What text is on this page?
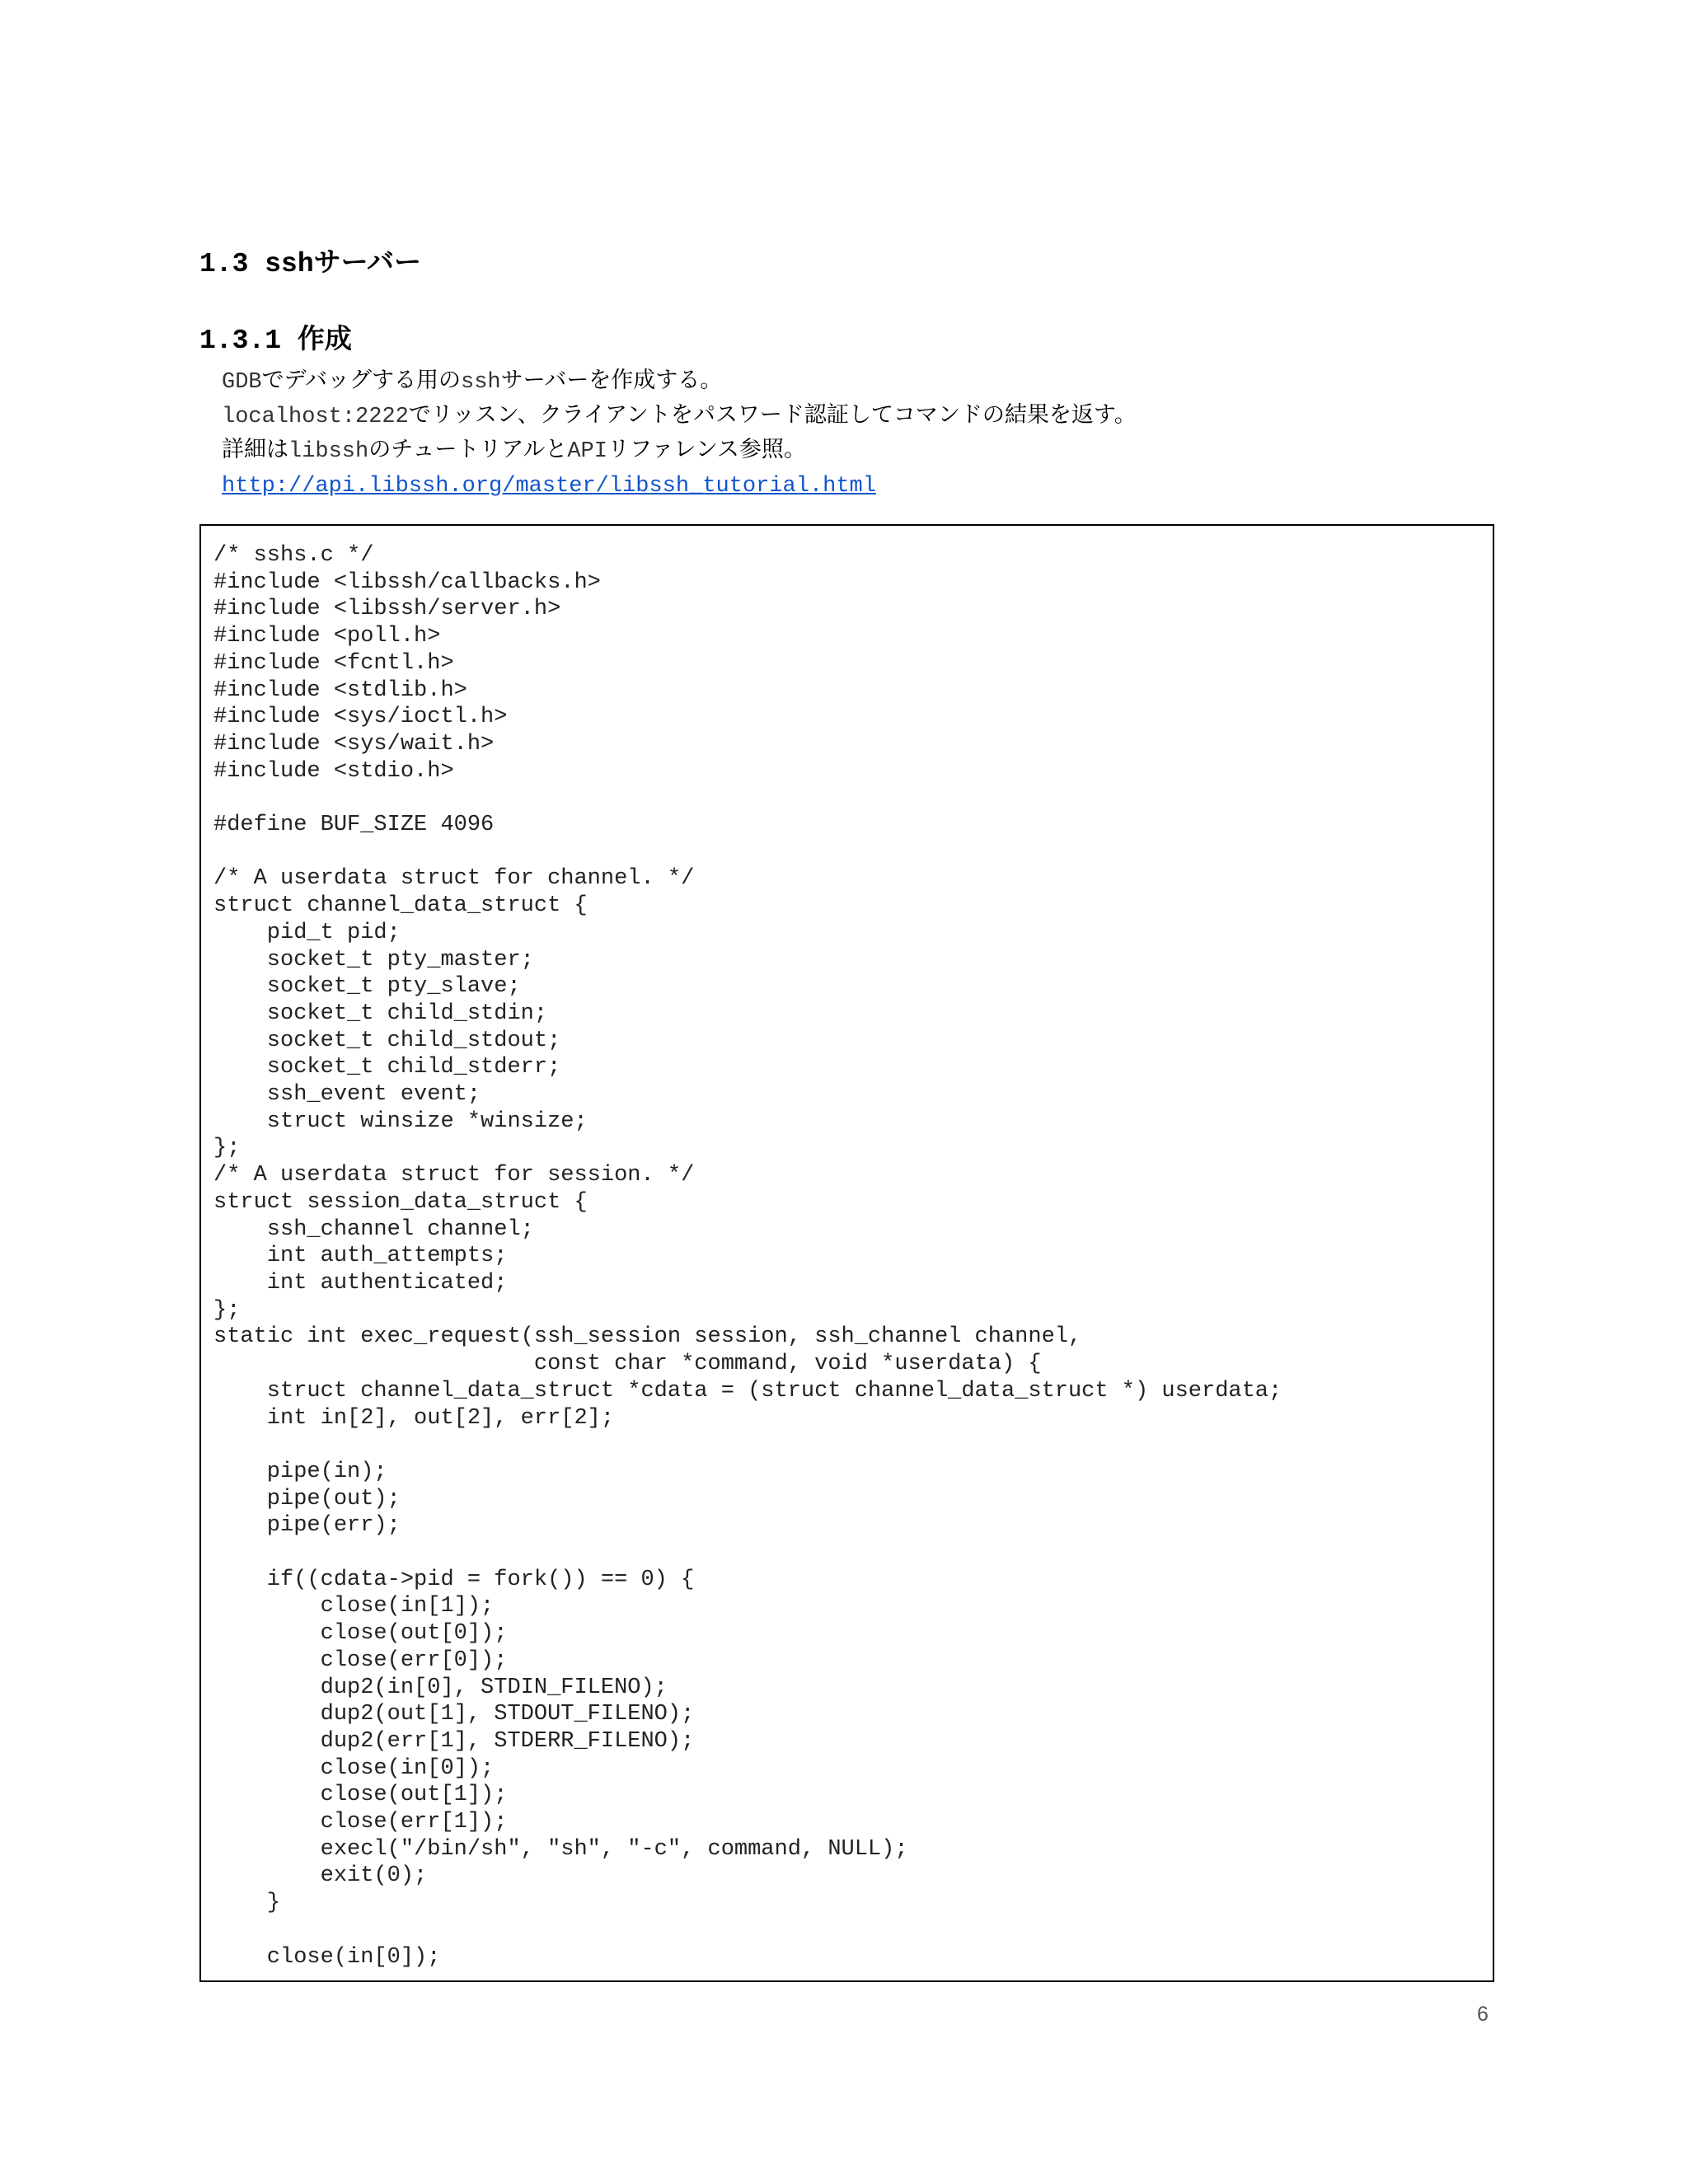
1.3 sshサーバー
1.3.1 作成
GDBでデバッグする用のsshサーバーを作成する。
localhost:2222でリッスン、クライアントをパスワード認証してコマンドの結果を返す。
詳細はlibsshのチュートリアルとAPIリファレンス参照。
http://api.libssh.org/master/libssh_tutorial.html
/* sshs.c */
#include <libssh/callbacks.h>
#include <libssh/server.h>
#include <poll.h>
#include <fcntl.h>
#include <stdlib.h>
#include <sys/ioctl.h>
#include <sys/wait.h>
#include <stdio.h>

#define BUF_SIZE 4096

/* A userdata struct for channel. */
struct channel_data_struct {
pid_t pid;
socket_t pty_master;
socket_t pty_slave;
socket_t child_stdin;
socket_t child_stdout;
socket_t child_stderr;
ssh_event event;
struct winsize *winsize;
};
/* A userdata struct for session. */
struct session_data_struct {
ssh_channel channel;
int auth_attempts;
int authenticated;
};
static int exec_request(ssh_session session, ssh_channel channel,
const char *command, void *userdata) {
struct channel_data_struct *cdata = (struct channel_data_struct *) userdata;
int in[2], out[2], err[2];

pipe(in);
pipe(out);
pipe(err);

if((cdata->pid = fork()) == 0) {
close(in[1]);
close(out[0]);
close(err[0]);
dup2(in[0], STDIN_FILENO);
dup2(out[1], STDOUT_FILENO);
dup2(err[1], STDERR_FILENO);
close(in[0]);
close(out[1]);
close(err[1]);
execl("/bin/sh", "sh", "-c", command, NULL);
exit(0);
}

close(in[0]);
6
